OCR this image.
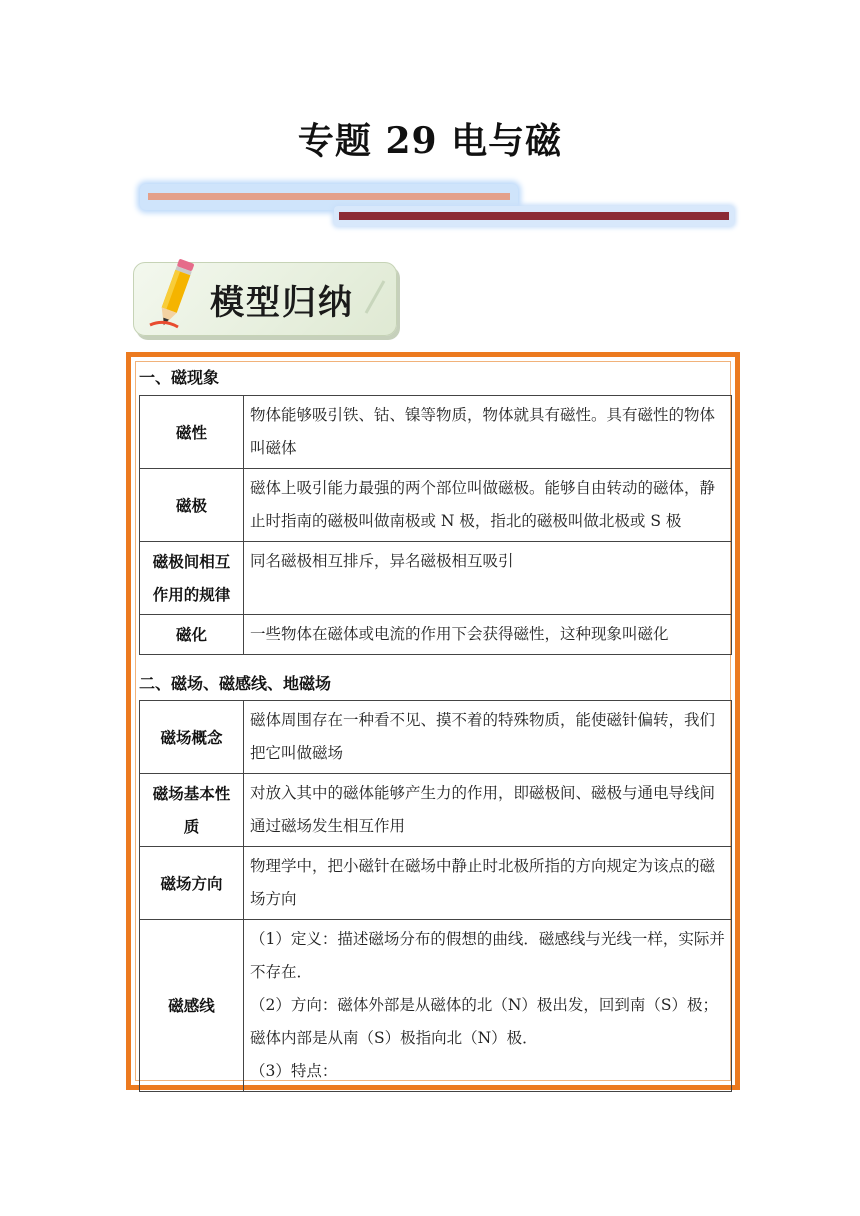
专题 29 电与磁
模型归纳
一、磁现象
磁性	物体能够吸引铁、钴、镍等物质，物体就具有磁性。具有磁性的物体叫磁体
磁极	磁体上吸引能力最强的两个部位叫做磁极。能够自由转动的磁体，静止时指南的磁极叫做南极或 N 极，指北的磁极叫做北极或 S 极
磁极间相互作用的规律	同名磁极相互排斥，异名磁极相互吸引
磁化	一些物体在磁体或电流的作用下会获得磁性，这种现象叫磁化
二、磁场、磁感线、地磁场
磁场概念	磁体周围存在一种看不见、摸不着的特殊物质，能使磁针偏转，我们把它叫做磁场
磁场基本性质	对放入其中的磁体能够产生力的作用，即磁极间、磁极与通电导线间通过磁场发生相互作用
磁场方向	物理学中，把小磁针在磁场中静止时北极所指的方向规定为该点的磁场方向
磁感线	（1）定义：描述磁场分布的假想的曲线．磁感线与光线一样，实际并不存在．
（2）方向：磁体外部是从磁体的北（N）极出发，回到南（S）极；磁体内部是从南（S）极指向北（N）极．
（3）特点：
